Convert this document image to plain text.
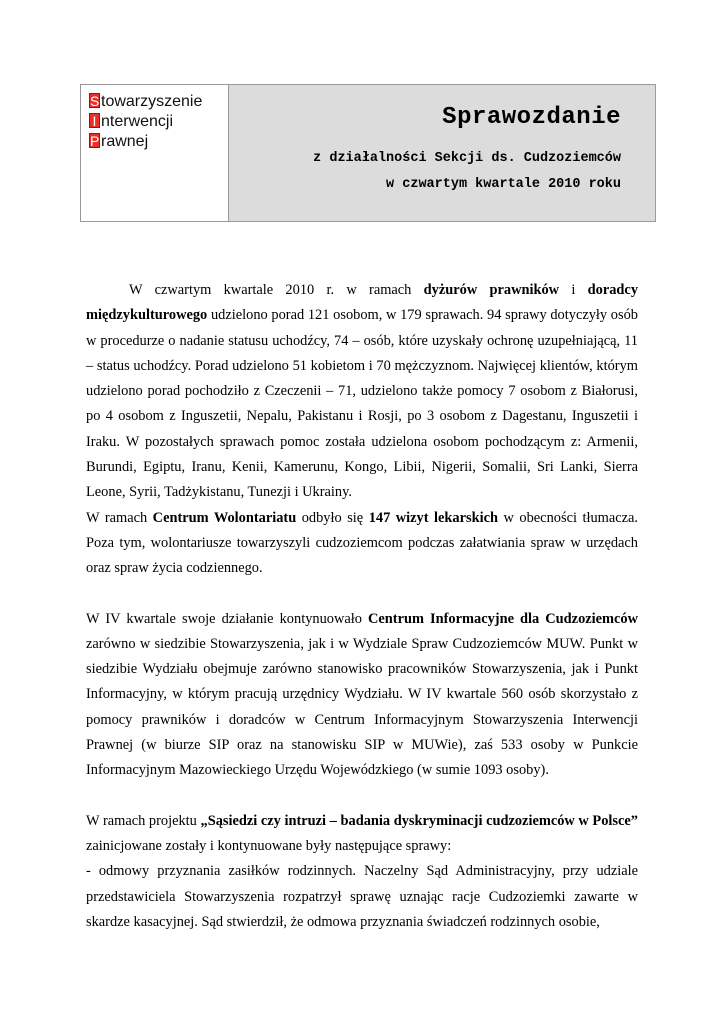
S towarzyszenie
I nterwencji
P rawnej
Sprawozdanie
z działalności Sekcji ds. Cudzoziemców
w czwartym kwartale 2010 roku

W czwartym kwartale 2010 r. w ramach dyżurów prawników i doradcy międzykulturowego udzielono porad 121 osobom, w 179 sprawach. 94 sprawy dotyczyły osób w procedurze o nadanie statusu uchodźcy, 74 – osób, które uzyskały ochronę uzupełniającą, 11 – status uchodźcy. Porad udzielono 51 kobietom i 70 mężczyznom. Najwięcej klientów, którym udzielono porad pochodziło z Czeczenii – 71, udzielono także pomocy 7 osobom z Białorusi, po 4 osobom z Inguszetii, Nepalu, Pakistanu i Rosji, po 3 osobom z Dagestanu, Inguszetii i Iraku. W pozostałych sprawach pomoc została udzielona osobom pochodzącym z: Armenii, Burundi, Egiptu, Iranu, Kenii, Kamerunu, Kongo, Libii, Nigerii, Somalii, Sri Lanki, Sierra Leone, Syrii, Tadżykistanu, Tunezji i Ukrainy.

W ramach Centrum Wolontariatu odbyło się 147 wizyt lekarskich w obecności tłumacza. Poza tym, wolontariusze towarzyszyli cudzoziemcom podczas załatwiania spraw w urzędach oraz spraw życia codziennego.

W IV kwartale swoje działanie kontynuowało Centrum Informacyjne dla Cudzoziemców zarówno w siedzibie Stowarzyszenia, jak i w Wydziale Spraw Cudzoziemców MUW. Punkt w siedzibie Wydziału obejmuje zarówno stanowisko pracowników Stowarzyszenia, jak i Punkt Informacyjny, w którym pracują urzędnicy Wydziału. W IV kwartale 560 osób skorzystało z pomocy prawników i doradców w Centrum Informacyjnym Stowarzyszenia Interwencji Prawnej (w biurze SIP oraz na stanowisku SIP w MUWie), zaś 533 osoby w Punkcie Informacyjnym Mazowieckiego Urzędu Wojewódzkiego (w sumie 1093 osoby).

W ramach projektu „Sąsiedzi czy intruzi – badania dyskryminacji cudzoziemców w Polsce” zainicjowane zostały i kontynuowane były następujące sprawy:

- odmowy przyznania zasiłków rodzinnych. Naczelny Sąd Administracyjny, przy udziale przedstawiciela Stowarzyszenia rozpatrzył sprawę uznając racje Cudzoziemki zawarte w skardze kasacyjnej. Sąd stwierdził, że odmowa przyznania świadczeń rodzinnych osobie,
